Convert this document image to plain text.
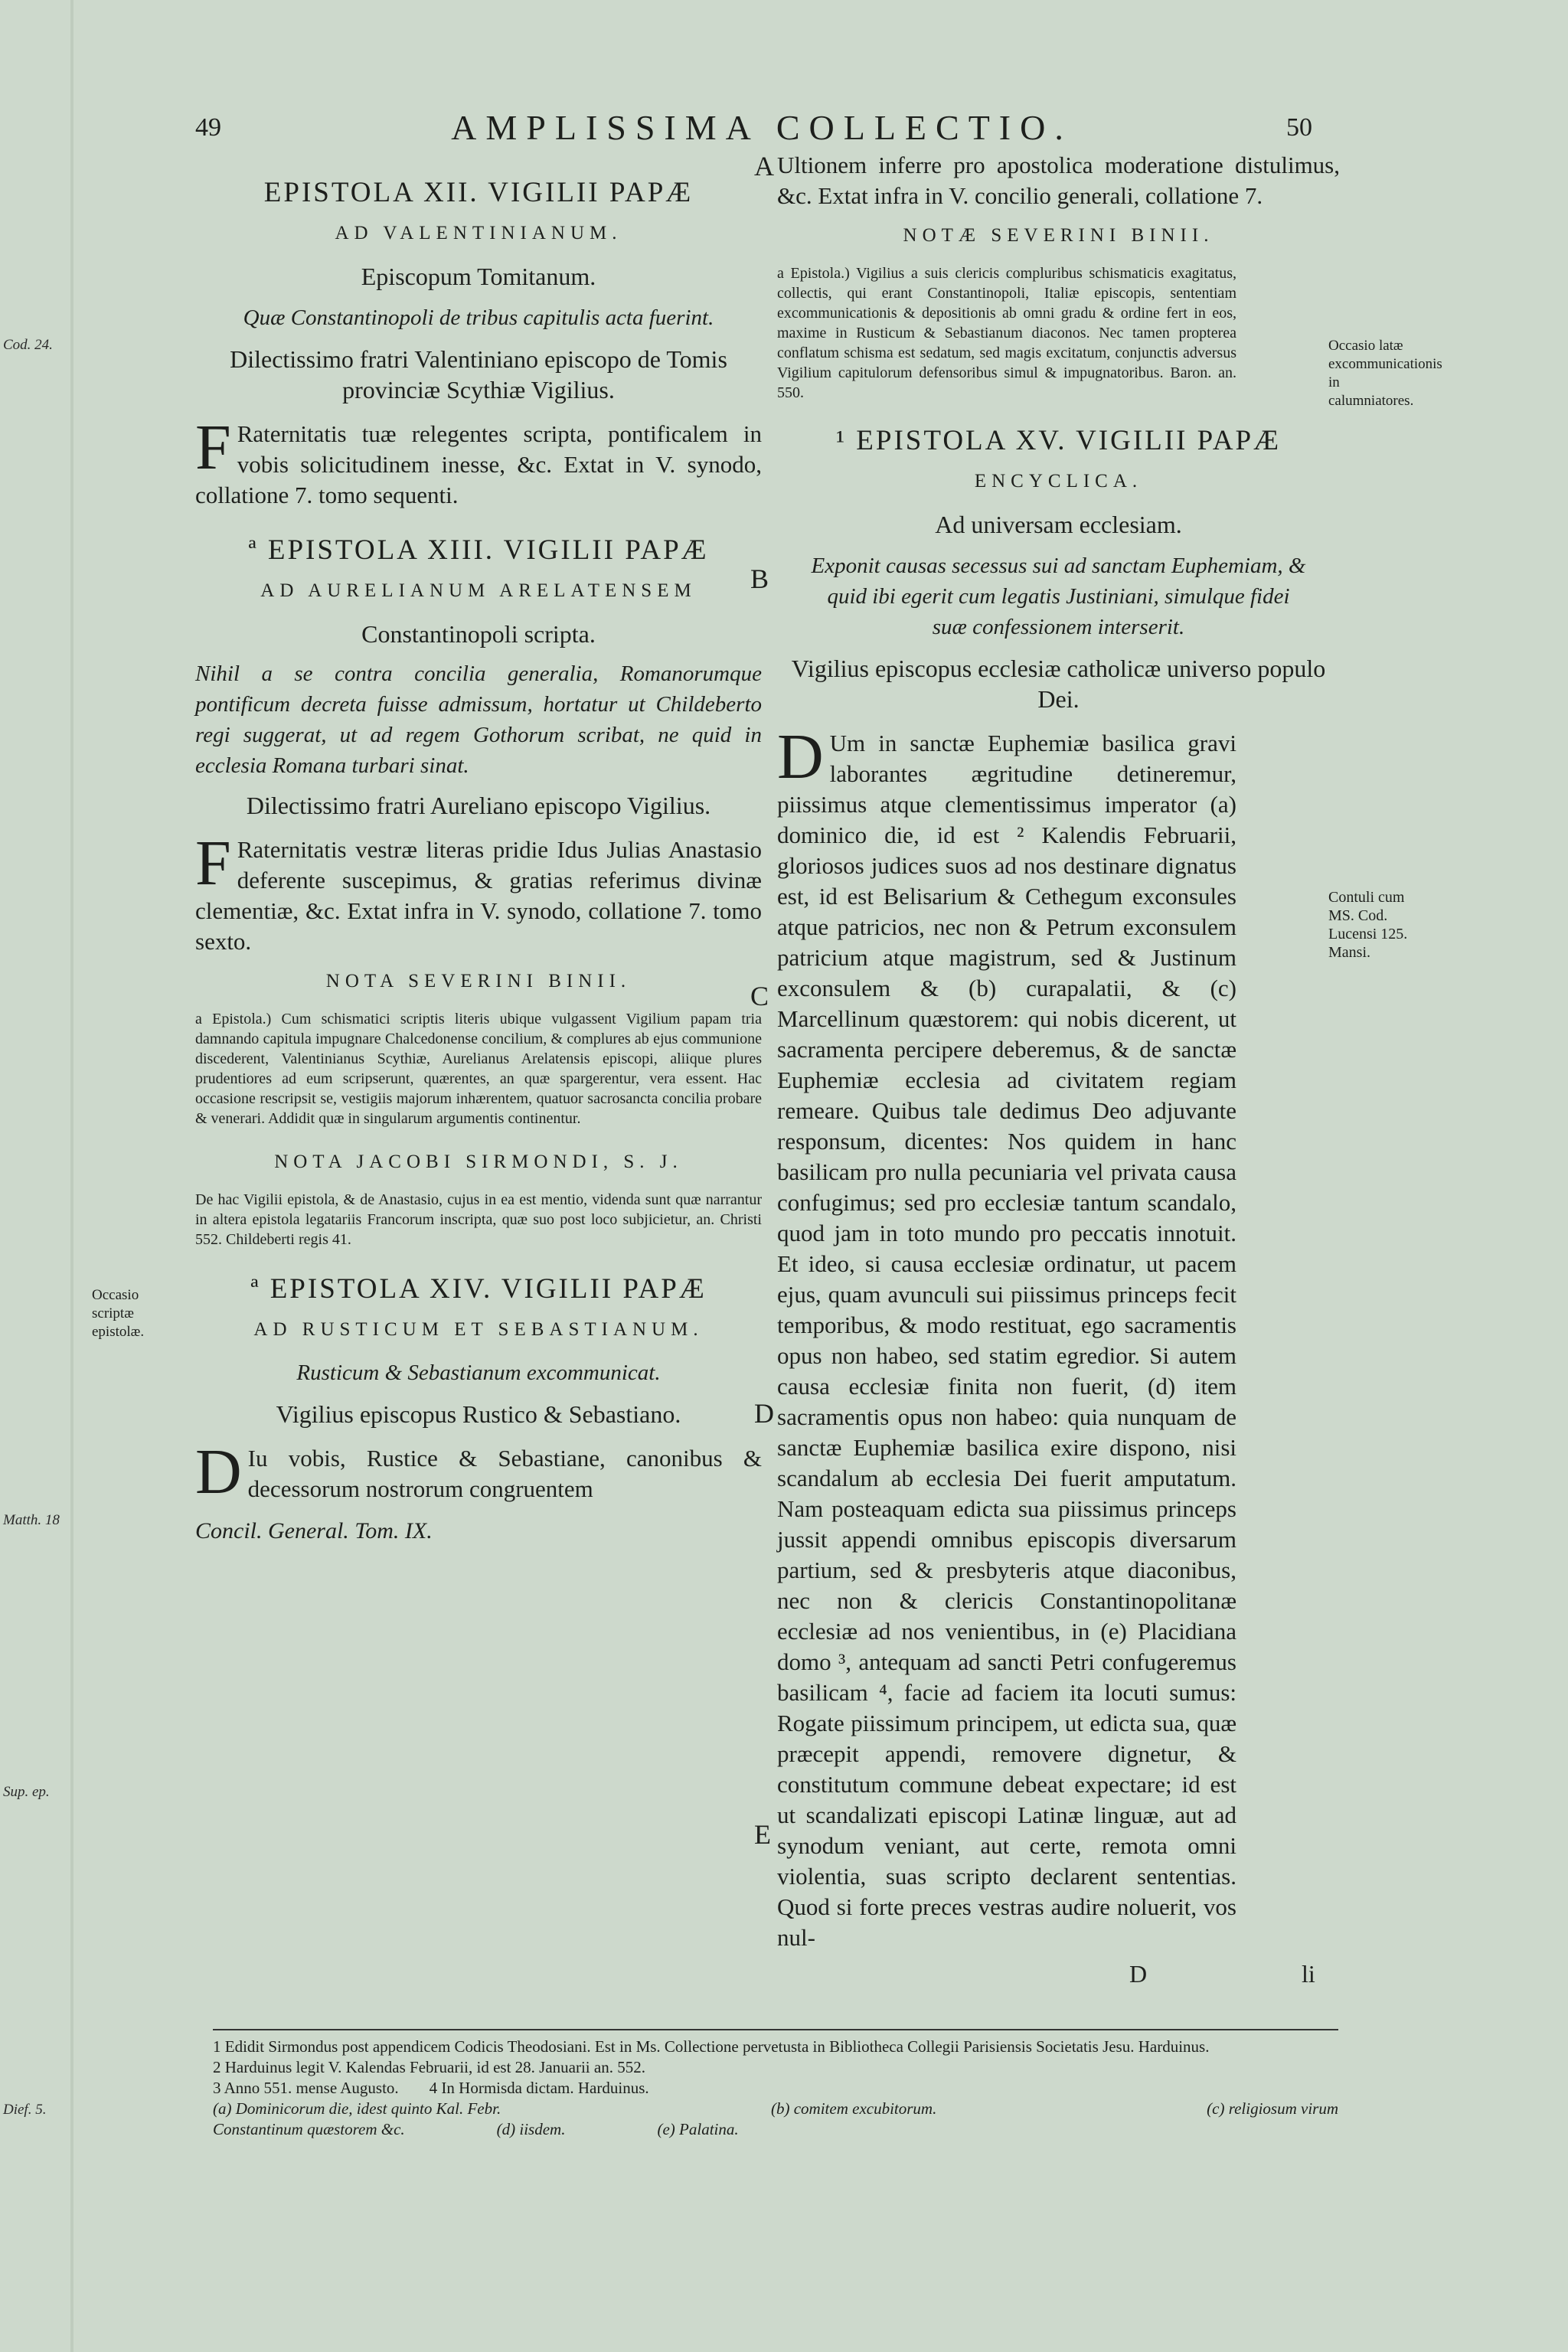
Cod. 24.
Matth. 18
Sup. ep.
Dief. 5.
49	AMPLISSIMA COLLECTIO.	50
EPISTOLA XII. VIGILII PAPÆ
AD VALENTINIANUM.
Episcopum Tomitanum.
Quæ Constantinopoli de tribus capitulis acta fuerint.
Dilectissimo fratri Valentiniano episcopo de Tomis provinciæ Scythiæ Vigilius.
F Raternitatis tuæ relegentes scripta, pontificalem in vobis solicitudinem inesse, &c. Extat in V. synodo, collatione 7. tomo sequenti.
ª EPISTOLA XIII. VIGILII PAPÆ
AD AURELIANUM ARELATENSEM
Constantinopoli scripta.
Nihil a se contra concilia generalia, Romanorumque pontificum decreta fuisse admissum, hortatur ut Childeberto regi suggerat, ut ad regem Gothorum scribat, ne quid in ecclesia Romana turbari sinat.
Dilectissimo fratri Aureliano episcopo Vigilius.
F Raternitatis vestræ literas pridie Idus Julias Anastasio deferente suscepimus, & gratias referimus divinæ clementiæ, &c. Extat infra in V. synodo, collatione 7. tomo sexto.
NOTA SEVERINI BINII.
a Epistola.) Cum schismatici scriptis literis ubique vulgassent Vigilium papam tria damnando capitula impugnare Chalcedonense concilium, & complures ab ejus communione discederent, Valentinianus Scythiæ, Aurelianus Arelatensis episcopi, aliique plures prudentiores ad eum scripserunt, quærentes, an quæ spargerentur, vera essent. Hac occasione rescripsit se, vestigiis majorum inhærentem, quatuor sacrosancta concilia probare & venerari. Addidit quæ in singularum argumentis continentur.
NOTA JACOBI SIRMONDI, S. J.
De hac Vigilii epistola, & de Anastasio, cujus in ea est mentio, videnda sunt quæ narrantur in altera epistola legatariis Francorum inscripta, quæ suo post loco subjicietur, an. Christi 552. Childeberti regis 41.
ª EPISTOLA XIV. VIGILII PAPÆ
AD RUSTICUM ET SEBASTIANUM.
Rusticum & Sebastianum excommunicat.
Vigilius episcopus Rustico & Sebastiano.
D Iu vobis, Rustice & Sebastiane, canonibus & decessorum nostrorum congruentem
Concil. General. Tom. IX.
Occasio scriptæ epistolæ.
Ultionem inferre pro apostolica moderatione distulimus, &c. Extat infra in V. concilio generali, collatione 7.
NOTÆ SEVERINI BINII.
a Epistola.) Vigilius a suis clericis compluribus schismaticis exagitatus, collectis, qui erant Constantinopoli, Italiæ episcopis, sententiam excommunicationis & depositionis ab omni gradu & ordine fert in eos, maxime in Rusticum & Sebastianum diaconos. Nec tamen propterea conflatum schisma est sedatum, sed magis excitatum, conjunctis adversus Vigilium capitulorum defensoribus simul & impugnatoribus. Baron. an. 550.
¹ EPISTOLA XV. VIGILII PAPÆ
ENCYCLICA.
Ad universam ecclesiam.
Exponit causas secessus sui ad sanctam Euphemiam, & quid ibi egerit cum legatis Justiniani, simulque fidei suæ confessionem interserit.
Vigilius episcopus ecclesiæ catholicæ universo populo Dei.
D Um in sanctæ Euphemiæ basilica gravi laborantes ægritudine detineremur, piissimus atque clementissimus imperator (a) dominico die, id est ² Kalendis Februarii, gloriosos judices suos ad nos destinare dignatus est, id est Belisarium & Cethegum exconsules atque patricios, nec non & Petrum exconsulem patricium atque magistrum, sed & Justinum exconsulem & (b) curapalatii, & (c) Marcellinum quæstorem: qui nobis dicerent, ut sacramenta percipere deberemus, & de sanctæ Euphemiæ ecclesia ad civitatem regiam remeare. Quibus tale dedimus Deo adjuvante responsum, dicentes: Nos quidem in hanc basilicam pro nulla pecuniaria vel privata causa confugimus; sed pro ecclesiæ tantum scandalo, quod jam in toto mundo pro peccatis innotuit. Et ideo, si causa ecclesiæ ordinatur, ut pacem ejus, quam avunculi sui piissimus princeps fecit temporibus, & modo restituat, ego sacramentis opus non habeo, sed statim egredior. Si autem causa ecclesiæ finita non fuerit, (d) item sacramentis opus non habeo: quia nunquam de sanctæ Euphemiæ basilica exire dispono, nisi scandalum ab ecclesia Dei fuerit amputatum. Nam posteaquam edicta sua piissimus princeps jussit appendi omnibus episcopis diversarum partium, sed & presbyteris atque diaconibus, nec non & clericis Constantinopolitanæ ecclesiæ ad nos venientibus, in (e) Placidiana domo ³, antequam ad sancti Petri confugeremus basilicam ⁴, facie ad faciem ita locuti sumus: Rogate piissimum principem, ut edicta sua, quæ præcepit appendi, removere dignetur, & constitutum commune debeat expectare; id est ut scandalizati episcopi Latinæ linguæ, aut ad synodum veniant, aut certe, remota omni violentia, suas scripto declarent sententias. Quod si forte preces vestras audire noluerit, vos nul-
A
B
C
D
E
Occasio latæ excommunicationis in calumniatores.
Contuli cum MS. Cod. Lucensi 125. Mansi.
D	li
1 Edidit Sirmondus post appendicem Codicis Theodosiani. Est in Ms. Collectione pervetusta in Bibliotheca Collegii Parisiensis Societatis Jesu. Harduinus.
2 Harduinus legit V. Kalendas Februarii, id est 28. Januarii an. 552.
3 Anno 551. mense Augusto. 4 In Hormisda dictam. Harduinus.
(a) Dominicorum die, idest quinto Kal. Febr.	(b) comitem excubitorum.	(c) religiosum virum
Constantinum quæstorem &c.	(d) iisdem.	(e) Palatina.
